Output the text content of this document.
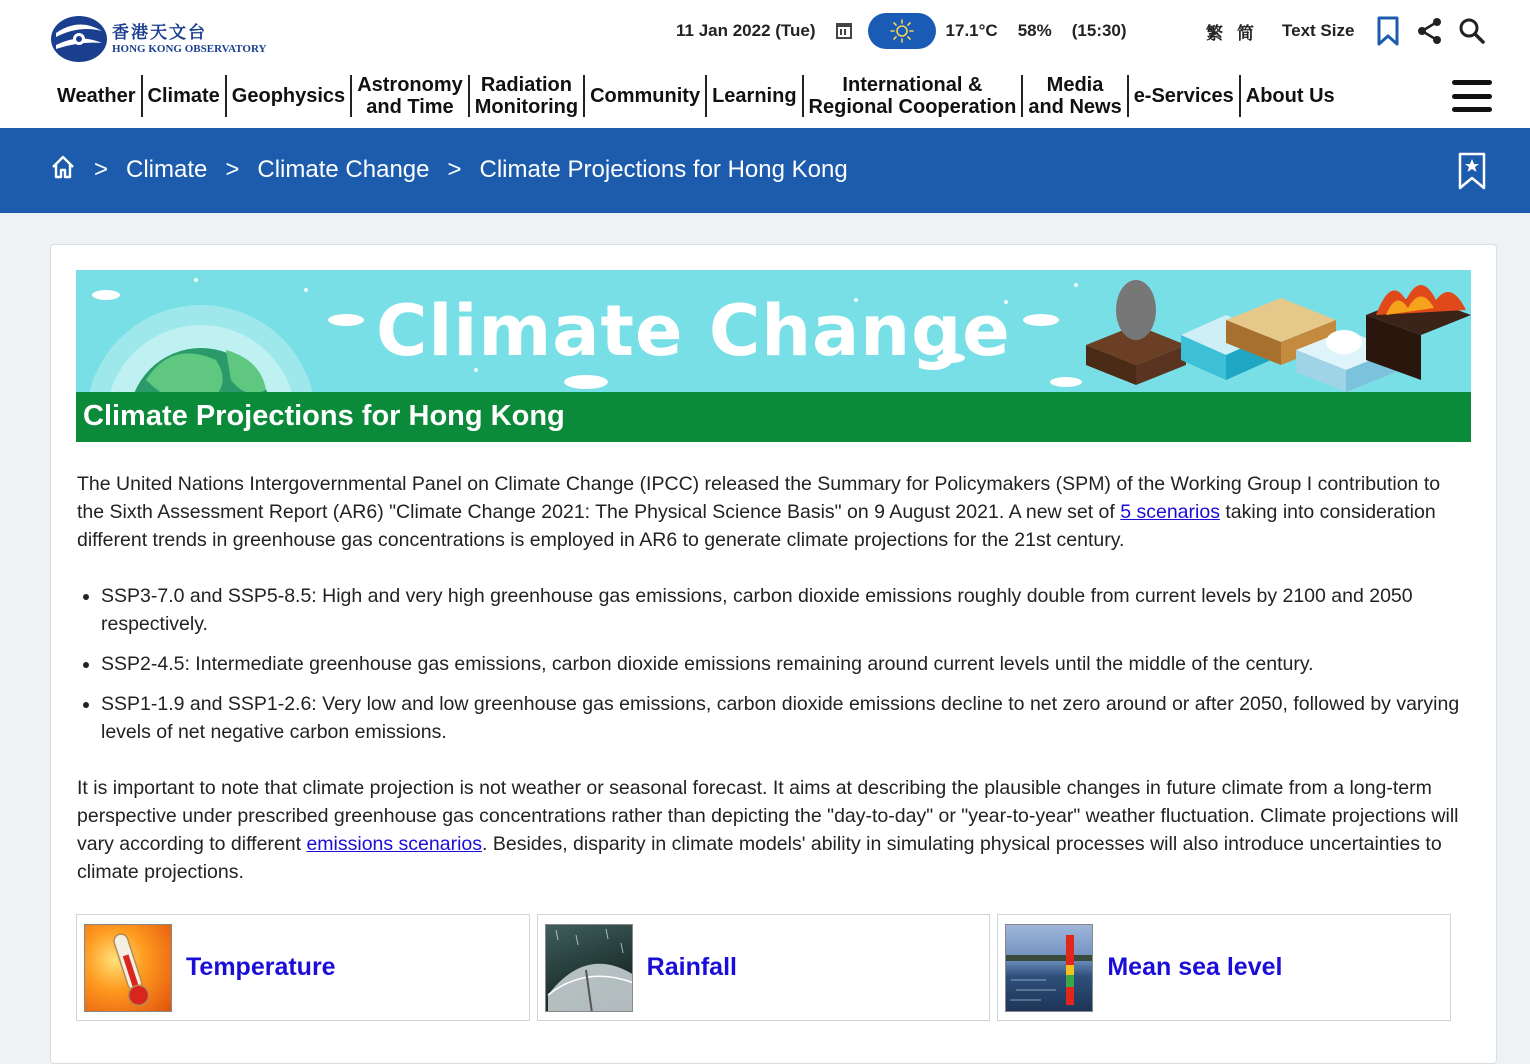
香港天文台
HONG KONG OBSERVATORY
11 Jan 2022 (Tue)	17.1°C 58% (15:30)	繁 简 Text Size
Weather Climate Geophysics Astronomy
and Time
Radiation
Monitoring Community Learning	International &
Regional Cooperation
Media
and News e-Services About Us
> Climate > Climate Change > Climate Projections for Hong Kong
Climate Change
Climate Projections for Hong Kong

The United Nations Intergovernmental Panel on Climate Change (IPCC) released the Summary for Policymakers (SPM) of the Working Group I contribution to the Sixth Assessment Report (AR6) "Climate Change 2021: The Physical Science Basis" on 9 August 2021. A new set of 5 scenarios taking into consideration different trends in greenhouse gas concentrations is employed in AR6 to generate climate projections for the 21st century.

• SSP3-7.0 and SSP5-8.5: High and very high greenhouse gas emissions, carbon dioxide emissions roughly double from current levels by 2100 and 2050 respectively.
• SSP2-4.5: Intermediate greenhouse gas emissions, carbon dioxide emissions remaining around current levels until the middle of the century.
• SSP1-1.9 and SSP1-2.6: Very low and low greenhouse gas emissions, carbon dioxide emissions decline to net zero around or after 2050, followed by varying levels of net negative carbon emissions.

It is important to note that climate projection is not weather or seasonal forecast. It aims at describing the plausible changes in future climate from a long-term perspective under prescribed greenhouse gas concentrations rather than depicting the "day-to-day" or "year-to-year" weather fluctuation. Climate projections will vary according to different emissions scenarios. Besides, disparity in climate models' ability in simulating physical processes will also introduce uncertainties to climate projections.

Temperature	Rainfall	Mean sea level
